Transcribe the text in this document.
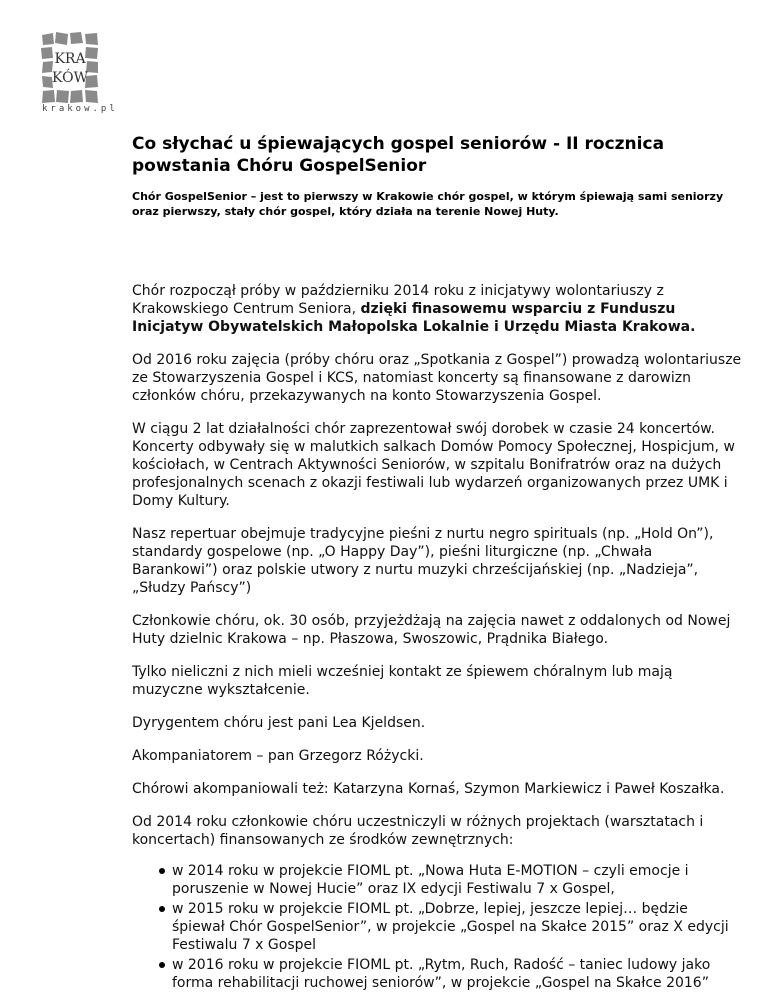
KRA
KÓW
krakow.pl
Co słychać u śpiewających gospel seniorów - II rocznica powstania Chóru GospelSenior

Chór GospelSenior – jest to pierwszy w Krakowie chór gospel, w którym śpiewają sami seniorzy oraz pierwszy, stały chór gospel, który działa na terenie Nowej Huty.

Chór rozpoczął próby w październiku 2014 roku z inicjatywy wolontariuszy z Krakowskiego Centrum Seniora, dzięki finasowemu wsparciu z Funduszu Inicjatyw Obywatelskich Małopolska Lokalnie i Urzędu Miasta Krakowa.

Od 2016 roku zajęcia (próby chóru oraz „Spotkania z Gospel”) prowadzą wolontariusze ze Stowarzyszenia Gospel i KCS, natomiast koncerty są finansowane z darowizn członków chóru, przekazywanych na konto Stowarzyszenia Gospel.

W ciągu 2 lat działalności chór zaprezentował swój dorobek w czasie 24 koncertów. Koncerty odbywały się w malutkich salkach Domów Pomocy Społecznej, Hospicjum, w kościołach, w Centrach Aktywności Seniorów, w szpitalu Bonifratrów oraz na dużych profesjonalnych scenach z okazji festiwali lub wydarzeń organizowanych przez UMK i Domy Kultury.

Nasz repertuar obejmuje tradycyjne pieśni z nurtu negro spirituals (np. „Hold On”), standardy gospelowe (np. „O Happy Day”), pieśni liturgiczne (np. „Chwała Barankowi”) oraz polskie utwory z nurtu muzyki chrześcijańskiej (np. „Nadzieja”, „Słudzy Pańscy”)

Członkowie chóru, ok. 30 osób, przyjeżdżają na zajęcia nawet z oddalonych od Nowej Huty dzielnic Krakowa – np. Płaszowa, Swoszowic, Prądnika Białego.

Tylko nieliczni z nich mieli wcześniej kontakt ze śpiewem chóralnym lub mają muzyczne wykształcenie.

Dyrygentem chóru jest pani Lea Kjeldsen.

Akompaniatorem – pan Grzegorz Różycki.

Chórowi akompaniowali też: Katarzyna Kornaś, Szymon Markiewicz i Paweł Koszałka.

Od 2014 roku członkowie chóru uczestniczyli w różnych projektach (warsztatach i koncertach) finansowanych ze środków zewnętrznych:

w 2014 roku w projekcie FIOML pt. „Nowa Huta E-MOTION – czyli emocje i poruszenie w Nowej Hucie” oraz IX edycji Festiwalu 7 x Gospel,
w 2015 roku w projekcie FIOML pt. „Dobrze, lepiej, jeszcze lepiej… będzie śpiewał Chór GospelSenior”, w projekcie „Gospel na Skałce 2015” oraz X edycji Festiwalu 7 x Gospel
w 2016 roku w projekcie FIOML pt. „Rytm, Ruch, Radość – taniec ludowy jako forma rehabilitacji ruchowej seniorów”, w projekcie „Gospel na Skałce 2016”
